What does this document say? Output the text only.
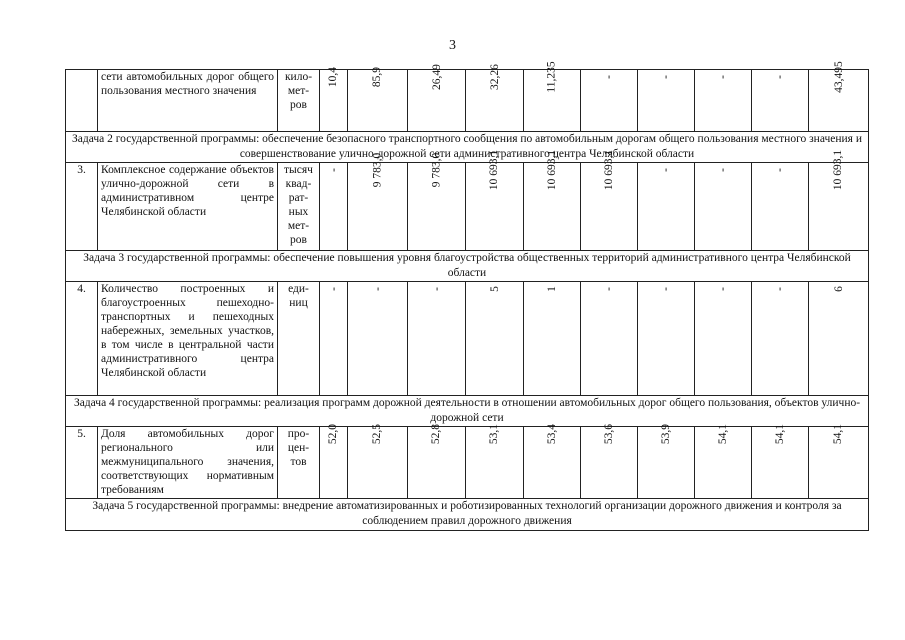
3
	сети автомобильных дорог общего пользования местного значения	кило-мет-ров	10,4	85,9	26,49	32,26	11,235	-	-	-	-	43,495
Задача 2 государственной программы: обеспечение безопасного транспортного сообщения по автомобильным дорогам общего пользования местного значения и совершенствование улично-дорожной сети административного центра Челябинской области												
3.	Комплексное содержание объектов улично-дорожной сети в административном центре Челябинской области	тысяч квад-рат-ных мет-ров	-	9 783,0	9 783,0	10 693,1	10 693,1	10 693,1	-	-	-	10 693,1
Задача 3 государственной программы: обеспечение повышения уровня благоустройства общественных территорий административного центра Челябинской области												
4.	Количество построенных и благоустроенных пешеходно-транспортных и пешеходных набережных, земельных участков, в том числе в центральной части административного центра Челябинской области	еди-ниц	-	-	-	5	1	-	-	-	-	6
Задача 4 государственной программы: реализация программ дорожной деятельности в отношении автомобильных дорог общего пользования, объектов улично-дорожной сети												
5.	Доля автомобильных дорог регионального или межмуниципального значения, соответствующих нормативным требованиям	про-цен-тов	52,0	52,5	52,8	53,1	53,4	53,6	53,9	54,1	54,1	54,1
Задача 5 государственной программы: внедрение автоматизированных и роботизированных технологий организации дорожного движения и контроля за соблюдением правил дорожного движения												
